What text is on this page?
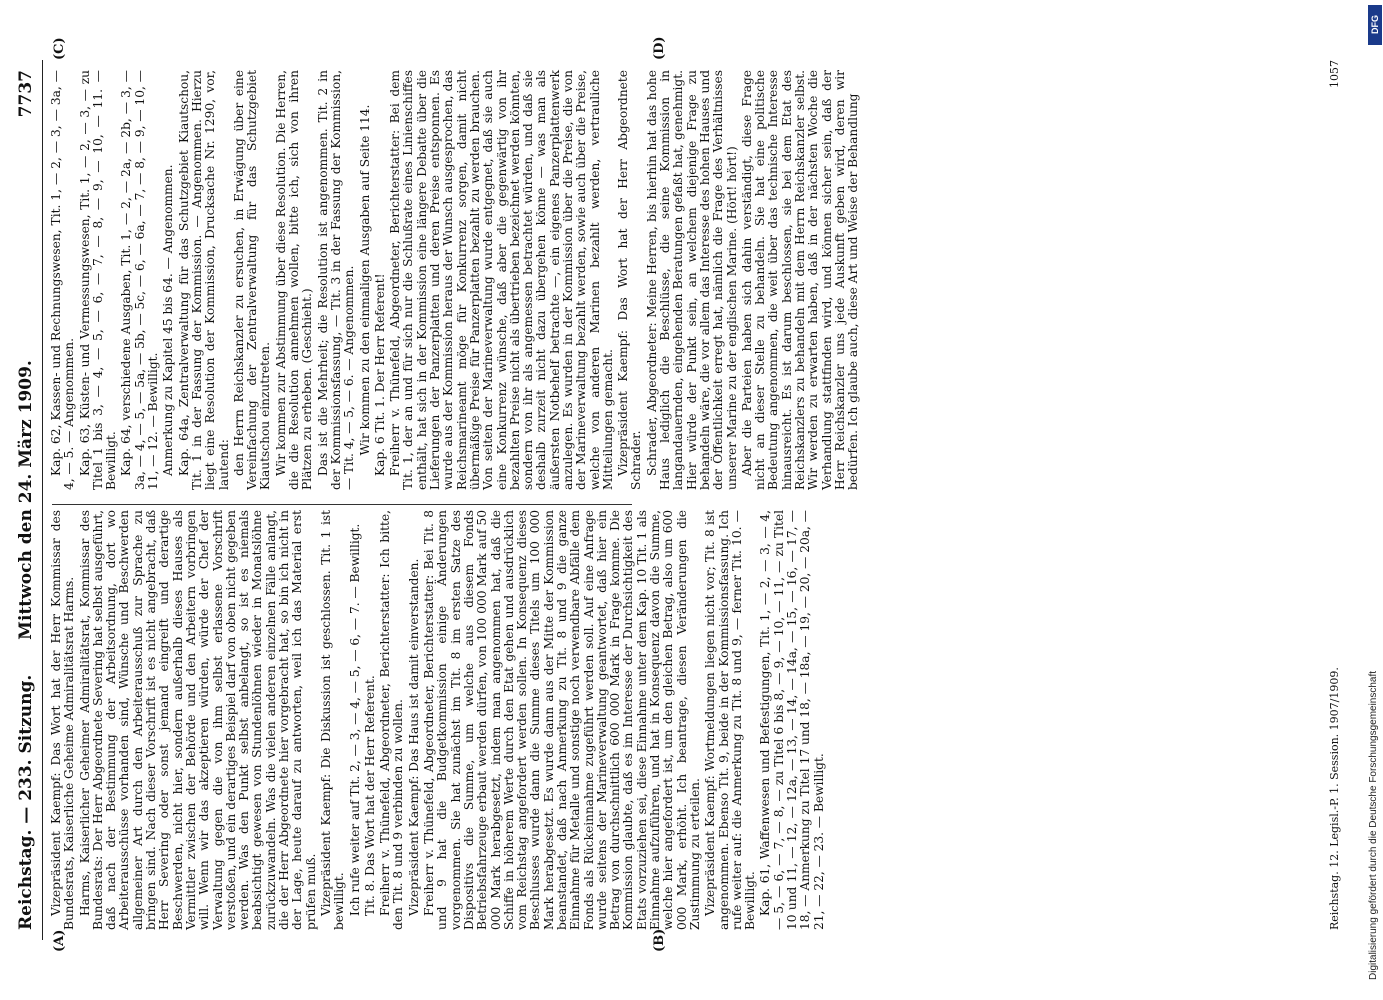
Reichstag. — 233. Sitzung.
Mittwoch den 24. März 1909.
7737
(A)	(B)
(C)	(D)

Vizepräsident Kaempf: Das Wort hat der Herr Kommissar des Bundesrats, Kaiserliche Geheime Admiralitätsrat Harms. Harms, Kaiserlicher Geheimer Admiralitätsrat, Kommissar des Bundesrats: Der Herr Abgeordnete Severing hat selbst ausgeführt, daß nach der Bestimmung der Arbeitsordnung, dort wo Arbeiterausschüsse vorhanden sind, Wünsche und Beschwerden allgemeiner Art durch den Arbeiterausschuß zur Sprache zu bringen sind. Nach dieser Vorschrift ist es nicht angebracht, daß Herr Severing oder sonst jemand eingreift und derartige Beschwerden, nicht hier, sondern außerhalb dieses Hauses als Vermittler zwischen der Behörde und den Arbeitern vorbringen will. Wenn wir das akzeptieren würden, würde der Chef der Verwaltung gegen die von ihm selbst erlassene Vorschrift verstoßen, und ein derartiges Beispiel darf von oben nicht gegeben werden. Was den Punkt selbst anbelangt, so ist es niemals beabsichtigt gewesen von Stundenlöhnen wieder in Monatslöhne zurückzuwandeln. Was die vielen anderen einzelnen Fälle anlangt, die der Herr Abgeordnete hier vorgebracht hat, so bin ich nicht in der Lage, heute darauf zu antworten, weil ich das Material erst prüfen muß. Vizepräsident Kaempf: Die Diskussion ist geschlossen. Tit. 1 ist bewilligt. Ich rufe weiter auf Tit. 2, — 3, — 4, — 5, — 6, — 7. — Bewilligt. Tit. 8. Das Wort hat der Herr Referent. Freiherr v. Thünefeld, Abgeordneter, Berichterstatter: Ich bitte, den Tit. 8 und 9 verbinden zu wollen. Vizepräsident Kaempf: Das Haus ist damit einverstanden. Freiherr v. Thünefeld, Abgeordneter, Berichterstatter: Bei Tit. 8 und 9 hat die Budgetkommission einige Änderungen vorgenommen. Sie hat zunächst im Tit. 8 im ersten Satze des Dispositivs die Summe, um welche aus diesem Fonds Betriebsfahrzeuge erbaut werden dürfen, von 100 000 Mark auf 50 000 Mark herabgesetzt, indem man angenommen hat, daß die Schiffe in höherem Werte durch den Etat gehen und ausdrücklich vom Reichstag angefordert werden sollen. In Konsequenz dieses Beschlusses wurde dann die Summe dieses Titels um 100 000 Mark herabgesetzt. Es wurde dann aus der Mitte der Kommission beanstandet, daß nach Anmerkung zu Tit. 8 und 9 die ganze Einnahme für Metalle und sonstige noch verwendbare Abfälle dem Fonds als Rückeinnahme zugeführt werden soll. Auf eine Anfrage wurde seitens der Marineverwaltung geantwortet, daß hier ein Betrag von durchschnittlich 600 000 Mark in Frage komme. Die Kommission glaubte, daß es im Interesse der Durchsichtigkeit des Etats vorzuziehen sei, diese Einnahme unter dem Kap. 10 Tit. 1 als Einnahme aufzuführen, und hat in Konsequenz davon die Summe, welche hier angefordert ist, um den gleichen Betrag, also um 600 000 Mark, erhöht. Ich beantrage, diesen Veränderungen die Zustimmung zu erteilen. Vizepräsident Kaempf: Wortmeldungen liegen nicht vor; Tit. 8 ist angenommen. Ebenso Tit. 9, beide in der Kommissionsfassung. Ich rufe weiter auf: die Anmerkung zu Tit. 8 und 9, — ferner Tit. 10. — Bewilligt. Kap. 61, Waffenwesen und Befestigungen, Tit. 1, — 2, — 3, — 4, — 5, — 6, — 7, — 8, — zu Titel 6 bis 8, — 9, — 10, — 11, — zu Titel 10 und 11, — 12, — 12a, — 13, — 14, — 14a, — 15, — 16, — 17, — 18, — Anmerkung zu Titel 17 und 18, — 18a, — 19, — 20, — 20a, — 21, — 22, — 23. — Bewilligt.

Kap. 62, Kassen- und Rechnungswesen, Tit. 1, — 2, — 3, — 3a, — 4, — 5. — Angenommen. Kap. 63, Küsten- und Vermessungswesen, Tit. 1, — 2, — 3, — zu Titel 1 bis 3, — 4, — 5, — 6, — 7, — 8, — 9, — 10, — 11. — Bewilligt. Kap. 64, verschiedene Ausgaben, Tit. 1, — 2, — 2a, — 2b, — 3, — 3a, — 4, — 5, — 5a, — 5b, — 5c, — 6, — 6a, — 7, — 8, — 9, — 10, — 11, — 12. — Bewilligt. Anmerkung zu Kapitel 45 bis 64. — Angenommen. Kap. 64a, Zentralverwaltung für das Schutzgebiet Kiautschou, Tit. 1 in der Fassung der Kommission. — Angenommen. Hierzu liegt eine Resolution der Kommission, Drucksache Nr. 1290, vor, lautend: den Herrn Reichskanzler zu ersuchen, in Erwägung über eine Vereinfachung der Zentralverwaltung für das Schutzgebiet Kiautschou einzutreten. Wir kommen zur Abstimmung über diese Resolution. Die Herren, die die Resolution annehmen wollen, bitte ich, sich von ihren Plätzen zu erheben. (Geschieht.) Das ist die Mehrheit; die Resolution ist angenommen. Tit. 2 in der Kommissionsfassung, — Tit. 3 in der Fassung der Kommission, — Tit. 4, — 5, — 6. — Angenommen. Wir kommen zu den einmaligen Ausgaben auf Seite 114. Kap. 6 Tit. 1. Der Herr Referent! Freiherr v. Thünefeld, Abgeordneter, Berichterstatter: Bei dem Tit. 1, der an und für sich nur die Schlußrate eines Linienschiffes enthält, hat sich in der Kommission eine längere Debatte über die Lieferungen der Panzerplatten und deren Preise entsponnen. Es wurde aus der Kommission heraus der Wunsch ausgesprochen, das Reichsmarineamt möge für Konkurrenz sorgen, damit nicht übermäßige Preise für Panzerplatten bezahlt zu werden brauchen. Von seiten der Marineverwaltung wurde entgegnet, daß sie auch eine Konkurrenz wünsche, daß aber die gegenwärtig von ihr bezahlten Preise nicht als übertrieben bezeichnet werden könnten, sondern von ihr als angemessen betrachtet würden, und daß sie deshalb zurzeit nicht dazu übergehen könne — was man als äußersten Notbehelf betrachte —, ein eigenes Panzerplattenwerk anzulegen. Es wurden in der Kommission über die Preise, die von der Marineverwaltung bezahlt werden, sowie auch über die Preise, welche von anderen Marinen bezahlt werden, vertrauliche Mitteilungen gemacht. Vizepräsident Kaempf: Das Wort hat der Herr Abgeordnete Schrader. Schrader, Abgeordneter: Meine Herren, bis hierhin hat das hohe Haus lediglich die Beschlüsse, die seine Kommission in langandauernden, eingehenden Beratungen gefaßt hat, genehmigt. Hier würde der Punkt sein, an welchem diejenige Frage zu behandeln wäre, die vor allem das Interesse des hohen Hauses und der Öffentlichkeit erregt hat, nämlich die Frage des Verhältnisses unserer Marine zu der englischen Marine. (Hört! hört!) Aber die Parteien haben sich dahin verständigt, diese Frage nicht an dieser Stelle zu behandeln. Sie hat eine politische Bedeutung angenommen, die weit über das technische Interesse hinausreicht. Es ist darum beschlossen, sie bei dem Etat des Reichskanzlers zu behandeln mit dem Herrn Reichskanzler selbst. Wir werden zu erwarten haben, daß in der nächsten Woche die Verhandlung stattfinden wird, und können sicher sein, daß der Herr Reichskanzler uns jede Auskunft geben wird, deren wir bedürfen. Ich glaube auch, diese Art und Weise der Behandlung

Reichstag. 12. Legisl.-P. 1. Session. 1907/1909.
1057
DFG
Digitalisierung gefördert durch die Deutsche Forschungsgemeinschaft
